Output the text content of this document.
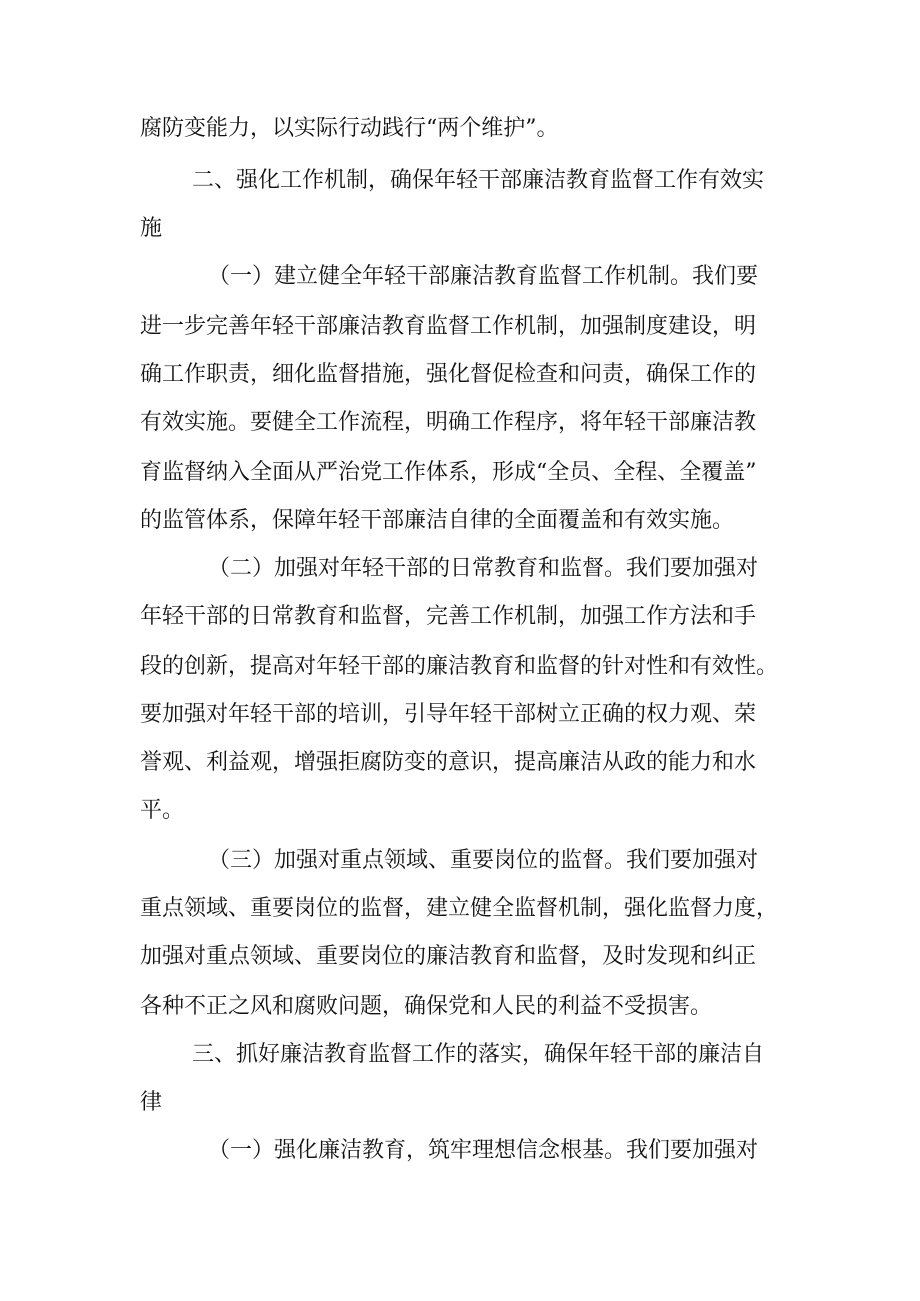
腐防变能力，以实际行动践行“两个维护”。
二、强化工作机制，确保年轻干部廉洁教育监督工作有效实
施
（一）建立健全年轻干部廉洁教育监督工作机制。我们要
进一步完善年轻干部廉洁教育监督工作机制，加强制度建设，明
确工作职责，细化监督措施，强化督促检查和问责，确保工作的
有效实施。要健全工作流程，明确工作程序，将年轻干部廉洁教
育监督纳入全面从严治党工作体系，形成“全员、全程、全覆盖”
的监管体系，保障年轻干部廉洁自律的全面覆盖和有效实施。
（二）加强对年轻干部的日常教育和监督。我们要加强对
年轻干部的日常教育和监督，完善工作机制，加强工作方法和手
段的创新，提高对年轻干部的廉洁教育和监督的针对性和有效性。
要加强对年轻干部的培训，引导年轻干部树立正确的权力观、荣
誉观、利益观，增强拒腐防变的意识，提高廉洁从政的能力和水
平。
（三）加强对重点领域、重要岗位的监督。我们要加强对
重点领域、重要岗位的监督，建立健全监督机制，强化监督力度，
加强对重点领域、重要岗位的廉洁教育和监督，及时发现和纠正
各种不正之风和腐败问题，确保党和人民的利益不受损害。
三、抓好廉洁教育监督工作的落实，确保年轻干部的廉洁自
律
（一）强化廉洁教育，筑牢理想信念根基。我们要加强对
